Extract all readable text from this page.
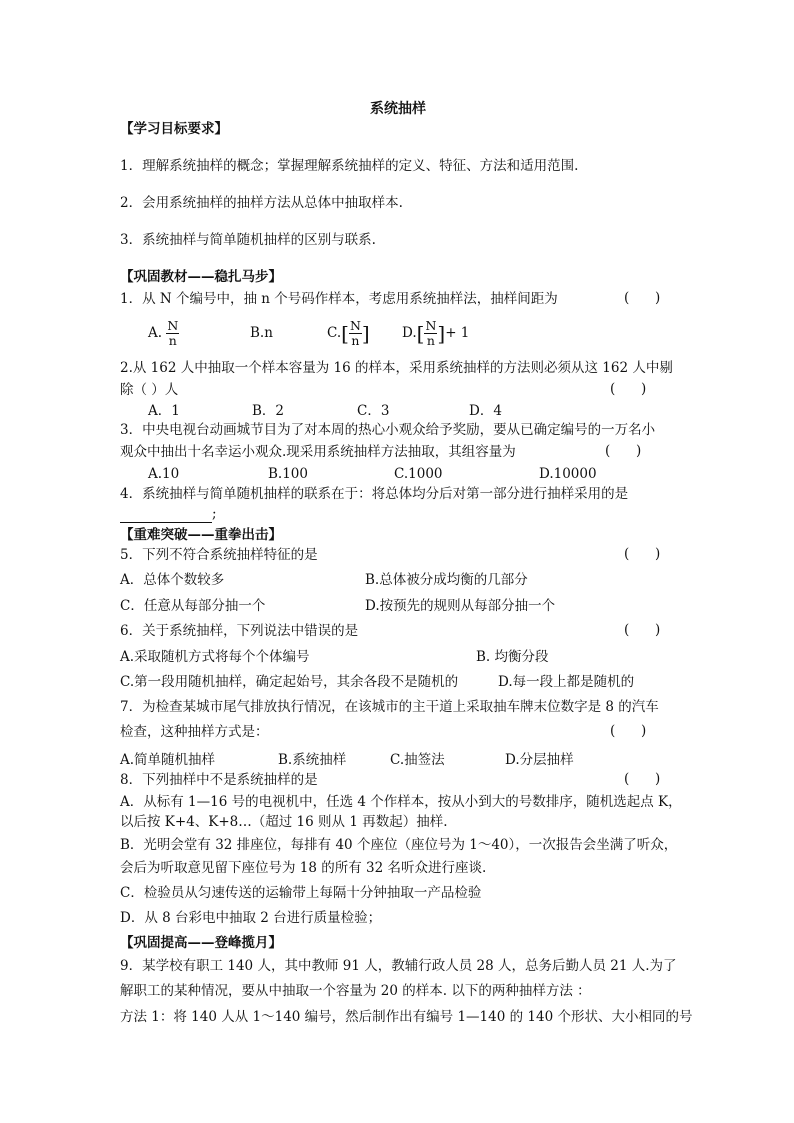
系统抽样
【学习目标要求】
1．理解系统抽样的概念；掌握理解系统抽样的定义、特征、方法和适用范围.
2．会用系统抽样的抽样方法从总体中抽取样本.
3．系统抽样与简单随机抽样的区别与联系.
【巩固教材——稳扎马步】
1．从 N 个编号中，抽 n 个号码作样本，考虑用系统抽样法，抽样间距为	(      )
A. $\frac{N}{n}$	B.n	$C.[ \frac{N}{n}$ ] $D.[ \frac{N}{n}$ ]+ 1
2.从 162 人中抽取一个样本容量为 16 的样本，采用系统抽样的方法则必须从这 162 人中剔
除（ ）人	(      )
A．1	B．2	C．3	D．4
3．中央电视台动画城节目为了对本周的热心小观众给予奖励，要从已确定编号的一万名小
观众中抽出十名幸运小观众.现采用系统抽样方法抽取，其组容量为	(      )
A.10	B.100	C.1000	D.10000
4．系统抽样与简单随机抽样的联系在于：将总体均分后对第一部分进行抽样采用的是
;
【重难突破——重拳出击】
5．下列不符合系统抽样特征的是	(      )
A．总体个数较多	B.总体被分成均衡的几部分
C．任意从每部分抽一个	D.按预先的规则从每部分抽一个
6．关于系统抽样，下列说法中错误的是	(      )
A.采取随机方式将每个个体编号	B. 均衡分段
C.第一段用随机抽样，确定起始号，其余各段不是随机的	D.每一段上都是随机的
7．为检查某城市尾气排放执行情况，在该城市的主干道上采取抽车牌末位数字是 8 的汽车
检查，这种抽样方式是：	(      )
A.简单随机抽样	B.系统抽样	C.抽签法	D.分层抽样
8．下列抽样中不是系统抽样的是	(      )
A．从标有 1—16 号的电视机中，任选 4 个作样本，按从小到大的号数排序，随机选起点 K，
以后按 K+4、K+8…（超过 16 则从 1 再数起）抽样.
B．光明会堂有 32 排座位，每排有 40 个座位（座位号为 1～40），一次报告会坐满了听众，
会后为听取意见留下座位号为 18 的所有 32 名听众进行座谈.
C．检验员从匀速传送的运输带上每隔十分钟抽取一产品检验
D．从 8 台彩电中抽取 2 台进行质量检验；
【巩固提高——登峰揽月】
9．某学校有职工 140 人，其中教师 91 人，教辅行政人员 28 人，总务后勤人员 21 人.为了
解职工的某种情况，要从中抽取一个容量为 20 的样本. 以下的两种抽样方法 ：
方法 1：将 140 人从 1～140 编号，然后制作出有编号 1—140 的 140 个形状、大小相同的号
